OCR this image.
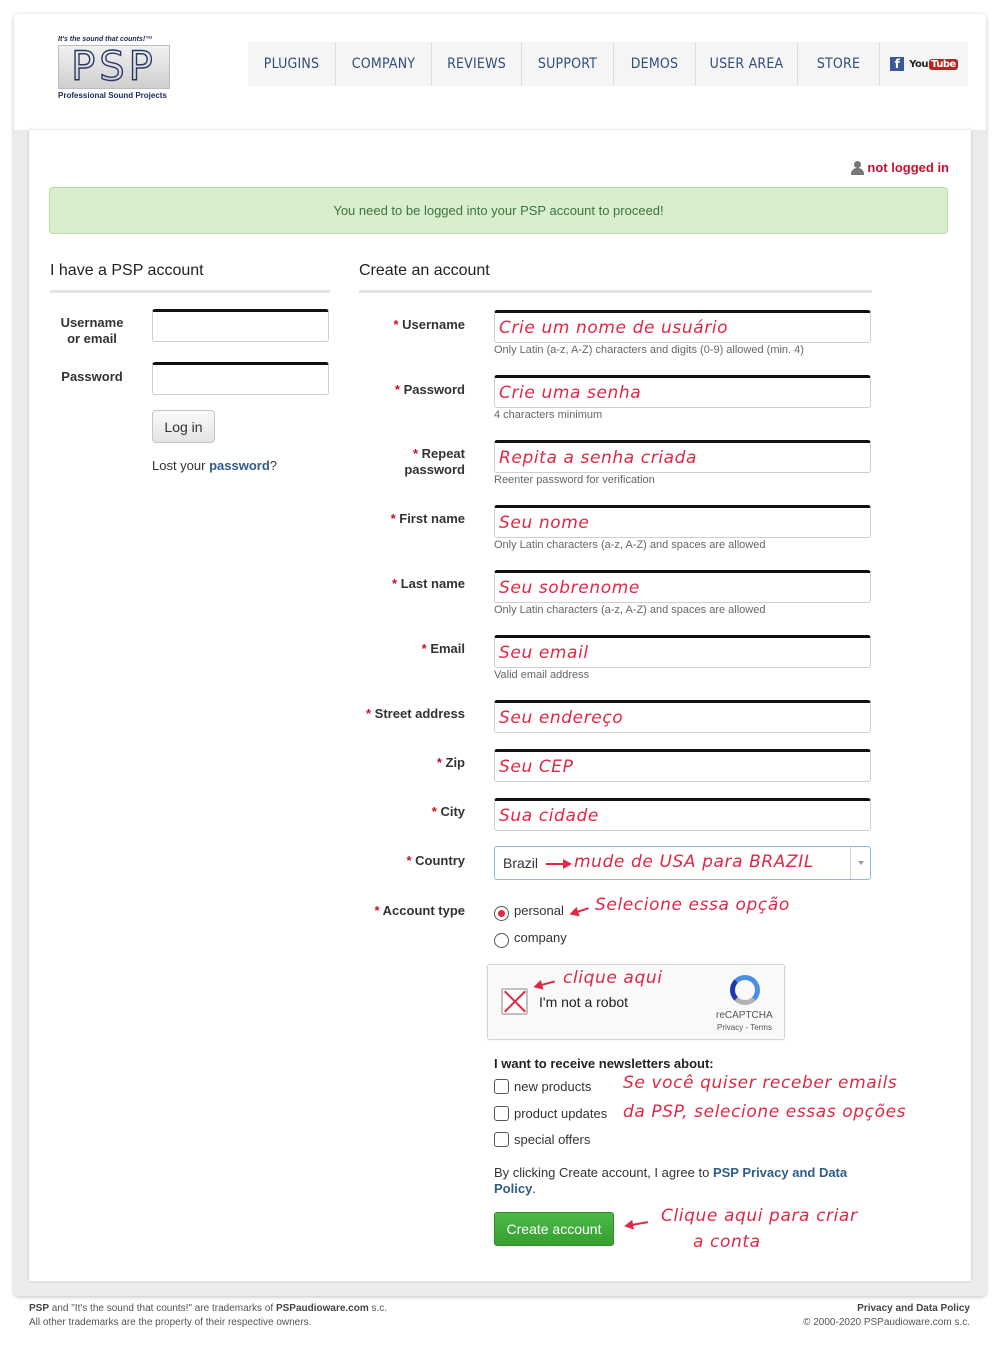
It's the sound that counts!™
PSP
Professional Sound Projects
PLUGINS	COMPANY	REVIEWS	SUPPORT	DEMOS	USER AREA	STORE	f You Tube
not logged in
You need to be logged into your PSP account to proceed!
I have a PSP account
Username
or email
Password
Log in
Lost your password?
Create an account
* Username Crie um nome de usuário
Only Latin (a-z, A-Z) characters and digits (0-9) allowed (min. 4)
* Password Crie uma senha
4 characters minimum
* Repeat
password
Repita a senha criada
Reenter password for verification
* First name Seu nome
Only Latin characters (a-z, A-Z) and spaces are allowed
* Last name Seu sobrenome
Only Latin characters (a-z, A-Z) and spaces are allowed
* Email Seu email
Valid email address
* Street address Seu endereço
* Zip Seu CEP
* City Sua cidade
* Country	Brazil mude de USA para BRAZIL
* Account type	personal Selecione essa opção
company
I'm not a robot
reCAPTCHA
Privacy - Terms
clique aqui
I want to receive newsletters about:
new products
product updates
special offers
Se você quiser receber emails
da PSP, selecione essas opções
By clicking Create account, I agree to PSP Privacy and Data Policy.
Create account
Clique aqui para criar
a conta
PSP and "It's the sound that counts!" are trademarks of PSPaudioware.com s.c.
All other trademarks are the property of their respective owners.
Privacy and Data Policy
© 2000-2020 PSPaudioware.com s.c.
